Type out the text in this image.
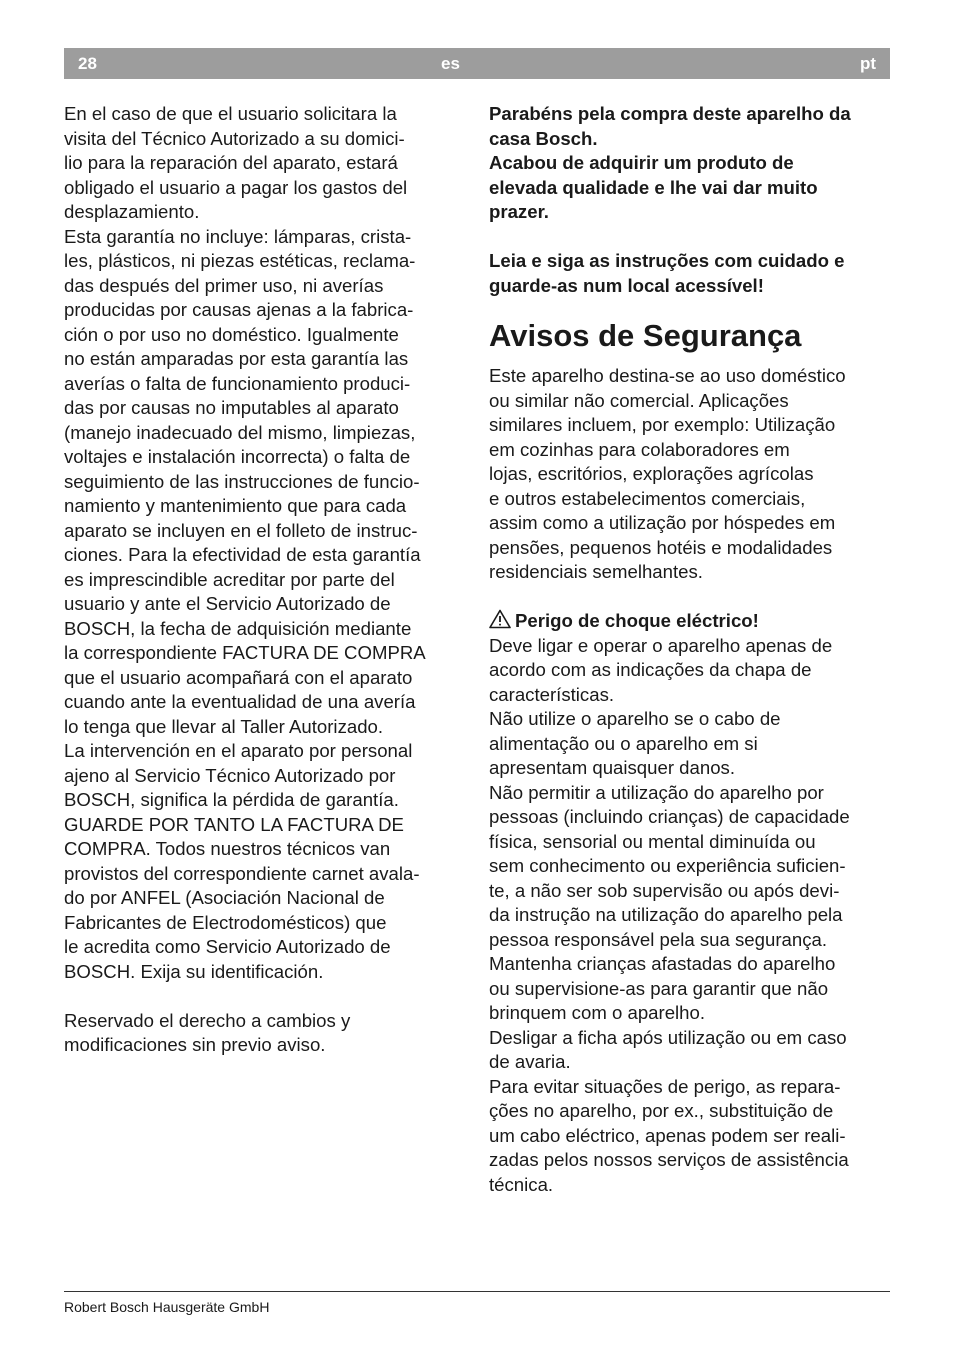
28	es	pt

En el caso de que el usuario solicitara la
visita del Técnico Autorizado a su domici-
lio para la reparación del aparato, estará
obligado el usuario a pagar los gastos del
desplazamiento.

Esta garantía no incluye: lámparas, crista-
les, plásticos, ni piezas estéticas, reclama-
das después del primer uso, ni averías
producidas por causas ajenas a la fabrica-
ción o por uso no doméstico. Igualmente
no están amparadas por esta garantía las
averías o falta de funcionamiento produci-
das por causas no imputables al aparato
(manejo inadecuado del mismo, limpiezas,
voltajes e instalación incorrecta) o falta de
seguimiento de las instrucciones de funcio-
namiento y mantenimiento que para cada
aparato se incluyen en el folleto de instruc-
ciones. Para la efectividad de esta garantía
es imprescindible acreditar por parte del
usuario y ante el Servicio Autorizado de
BOSCH, la fecha de adquisición mediante
la correspondiente FACTURA DE COMPRA
que el usuario acompañará con el aparato
cuando ante la eventualidad de una avería
lo tenga que llevar al Taller Autorizado.

La intervención en el aparato por personal
ajeno al Servicio Técnico Autorizado por
BOSCH, significa la pérdida de garantía.
GUARDE POR TANTO LA FACTURA DE
COMPRA. Todos nuestros técnicos van
provistos del correspondiente carnet avala-
do por ANFEL (Asociación Nacional de
Fabricantes de Electrodomésticos) que
le acredita como Servicio Autorizado de
BOSCH. Exija su identificación.

Reservado el derecho a cambios y
modificaciones sin previo aviso.

Parabéns pela compra deste aparelho da
casa Bosch.
Acabou de adquirir um produto de
elevada qualidade e lhe vai dar muito
prazer.

Leia e siga as instruções com cuidado e
guarde-as num local acessível!

Avisos de Segurança

Este aparelho destina-se ao uso doméstico
ou similar não comercial. Aplicações
similares incluem, por exemplo: Utilização
em cozinhas para colaboradores em
lojas, escritórios, explorações agrícolas
e outros estabelecimentos comerciais,
assim como a utilização por hóspedes em
pensões, pequenos hotéis e modalidades
residenciais semelhantes.

Perigo de choque eléctrico!

Deve ligar e operar o aparelho apenas de
acordo com as indicações da chapa de
características.
Não utilize o aparelho se o cabo de
alimentação ou o aparelho em si
apresentam quaisquer danos.
Não permitir a utilização do aparelho por
pessoas (incluindo crianças) de capacidade
física, sensorial ou mental diminuída ou
sem conhecimento ou experiência suficien-
te, a não ser sob supervisão ou após devi-
da instrução na utilização do aparelho pela
pessoa responsável pela sua segurança.
Mantenha crianças afastadas do aparelho
ou supervisione-as para garantir que não
brinquem com o aparelho.
Desligar a ficha após utilização ou em caso
de avaria.
Para evitar situações de perigo, as repara-
ções no aparelho, por ex., substituição de
um cabo eléctrico, apenas podem ser reali-
zadas pelos nossos serviços de assistência
técnica.

Robert Bosch Hausgeräte GmbH
